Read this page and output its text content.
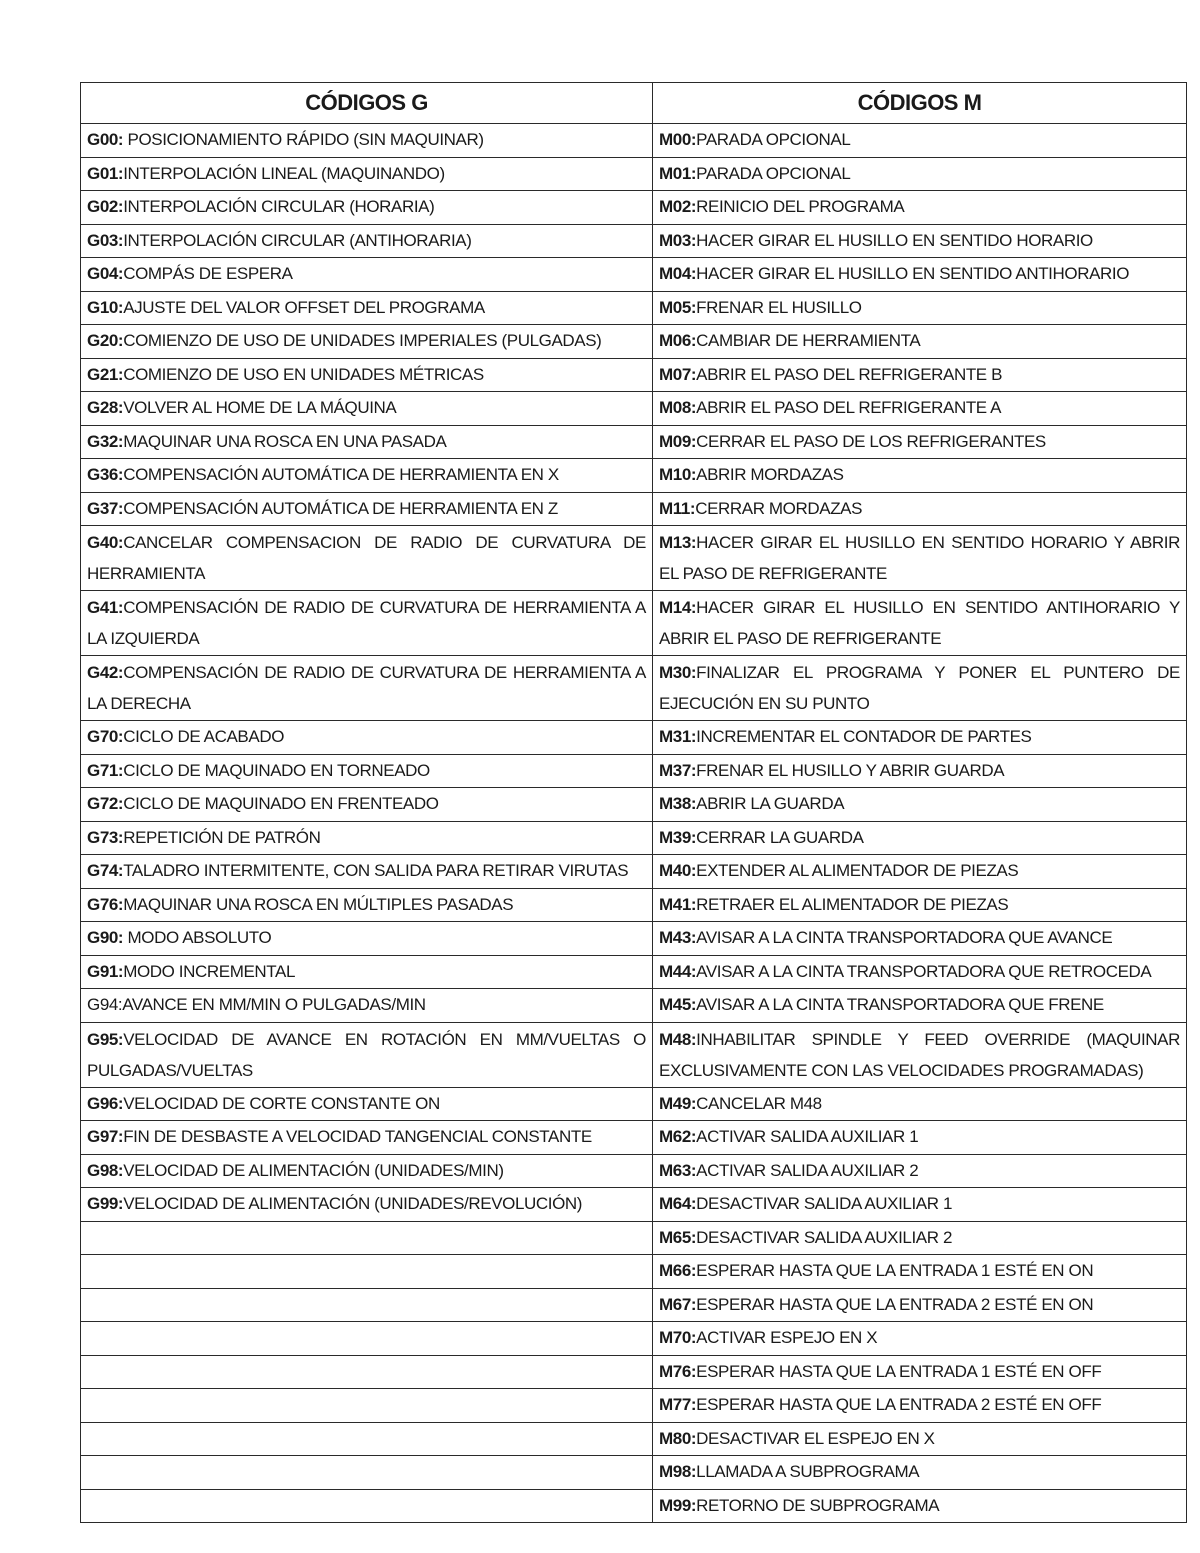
CÓDIGOS G	CÓDIGOS M
G00: POSICIONAMIENTO RÁPIDO (SIN MAQUINAR)	M00:PARADA OPCIONAL
G01:INTERPOLACIÓN LINEAL (MAQUINANDO)	M01:PARADA OPCIONAL
G02:INTERPOLACIÓN CIRCULAR (HORARIA)	M02:REINICIO DEL PROGRAMA
G03:INTERPOLACIÓN CIRCULAR (ANTIHORARIA)	M03:HACER GIRAR EL HUSILLO EN SENTIDO HORARIO
G04:COMPÁS DE ESPERA	M04:HACER GIRAR EL HUSILLO EN SENTIDO ANTIHORARIO
G10:AJUSTE DEL VALOR OFFSET DEL PROGRAMA	M05:FRENAR EL HUSILLO
G20:COMIENZO DE USO DE UNIDADES IMPERIALES (PULGADAS)	M06:CAMBIAR DE HERRAMIENTA
G21:COMIENZO DE USO EN UNIDADES MÉTRICAS	M07:ABRIR EL PASO DEL REFRIGERANTE B
G28:VOLVER AL HOME DE LA MÁQUINA	M08:ABRIR EL PASO DEL REFRIGERANTE A
G32:MAQUINAR UNA ROSCA EN UNA PASADA	M09:CERRAR EL PASO DE LOS REFRIGERANTES
G36:COMPENSACIÓN AUTOMÁTICA DE HERRAMIENTA EN X	M10:ABRIR MORDAZAS
G37:COMPENSACIÓN AUTOMÁTICA DE HERRAMIENTA EN Z	M11:CERRAR MORDAZAS
G40:CANCELAR COMPENSACION DE RADIO DE CURVATURA DE HERRAMIENTA	M13:HACER GIRAR EL HUSILLO EN SENTIDO HORARIO Y ABRIR EL PASO DE REFRIGERANTE
G41:COMPENSACIÓN DE RADIO DE CURVATURA DE HERRAMIENTA A LA IZQUIERDA	M14:HACER GIRAR EL HUSILLO EN SENTIDO ANTIHORARIO Y ABRIR EL PASO DE REFRIGERANTE
G42:COMPENSACIÓN DE RADIO DE CURVATURA DE HERRAMIENTA A LA DERECHA	M30:FINALIZAR EL PROGRAMA Y PONER EL PUNTERO DE EJECUCIÓN EN SU PUNTO
G70:CICLO DE ACABADO	M31:INCREMENTAR EL CONTADOR DE PARTES
G71:CICLO DE MAQUINADO EN TORNEADO	M37:FRENAR EL HUSILLO Y ABRIR GUARDA
G72:CICLO DE MAQUINADO EN FRENTEADO	M38:ABRIR LA GUARDA
G73:REPETICIÓN DE PATRÓN	M39:CERRAR LA GUARDA
G74:TALADRO INTERMITENTE, CON SALIDA PARA RETIRAR VIRUTAS	M40:EXTENDER AL ALIMENTADOR DE PIEZAS
G76:MAQUINAR UNA ROSCA EN MÚLTIPLES PASADAS	M41:RETRAER EL ALIMENTADOR DE PIEZAS
G90: MODO ABSOLUTO	M43:AVISAR A LA CINTA TRANSPORTADORA QUE AVANCE
G91:MODO INCREMENTAL	M44:AVISAR A LA CINTA TRANSPORTADORA QUE RETROCEDA
G94:AVANCE EN MM/MIN O PULGADAS/MIN	M45:AVISAR A LA CINTA TRANSPORTADORA QUE FRENE
G95:VELOCIDAD DE AVANCE EN ROTACIÓN EN MM/VUELTAS O PULGADAS/VUELTAS	M48:INHABILITAR SPINDLE Y FEED OVERRIDE (MAQUINAR EXCLUSIVAMENTE CON LAS VELOCIDADES PROGRAMADAS)
G96:VELOCIDAD DE CORTE CONSTANTE ON	M49:CANCELAR M48
G97:FIN DE DESBASTE A VELOCIDAD TANGENCIAL CONSTANTE	M62:ACTIVAR SALIDA AUXILIAR 1
G98:VELOCIDAD DE ALIMENTACIÓN (UNIDADES/MIN)	M63:ACTIVAR SALIDA AUXILIAR 2
G99:VELOCIDAD DE ALIMENTACIÓN (UNIDADES/REVOLUCIÓN)	M64:DESACTIVAR SALIDA AUXILIAR 1
	M65:DESACTIVAR SALIDA AUXILIAR 2
	M66:ESPERAR HASTA QUE LA ENTRADA 1 ESTÉ EN ON
	M67:ESPERAR HASTA QUE LA ENTRADA 2 ESTÉ EN ON
	M70:ACTIVAR ESPEJO EN X
	M76:ESPERAR HASTA QUE LA ENTRADA 1 ESTÉ EN OFF
	M77:ESPERAR HASTA QUE LA ENTRADA 2 ESTÉ EN OFF
	M80:DESACTIVAR EL ESPEJO EN X
	M98:LLAMADA A SUBPROGRAMA
	M99:RETORNO DE SUBPROGRAMA
